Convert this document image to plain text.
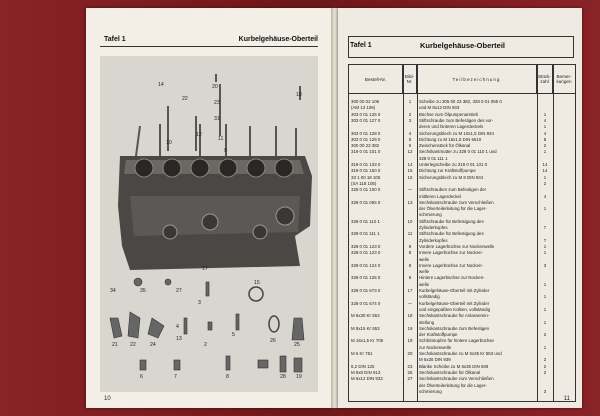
Tafel 1	Kurbelgehäuse-Oberteil
14	20
22
23
31
18
10
12
11
9
34	35
17
15
3
27
4
13
21 22	24	2
5
26
25
6	7	8	28 19
10
Tafel 1	Kurbelgehäuse-Oberteil
Bestell-Nr.	Bild-Nr.	Teilbezeichnung	Stück-zahl
Bemer-kungen
300 00 02 106	1	Scheibe zu 305 00 23 382, 328 0 01 055 0
(AM 13 106)	und M 8x12 DIN 933
303 0 01 125 0	2	Büchse zum Ölpumpenantrieb	1
303 0 01 127 0	3	Stiftschraube zum Befestigen des vor-	4
deren und hinteren Lagerdeckels	1
303 0 01 128 0	4	Sicherungsblech zu M 10x1,5 DIN 934	4
303 0 01 129 0	5	Dichtung zu M 16x1,5 DIN 6610	8
300 00 23 382	6	Zwischenstück für Ölkanal	2
319 0 01 101 0	12	Sechskantmutter zu 328 0 01 110 1 und	1
328 0 01 111 1
319 0 01 133 0	14	Unterlegscheibe zu 319 0 01 131 0	14
319 0 01 150 0	15	Dichtung zur Kraftstoffpumpe	14
33 1 00 18 105	16	Sicherungsblech zu M 8 DIN 934	1
(SA 118 105)	2
326 0 01 100 0	—	Stiftschrauben zum Befestigen der
mittleren Lagerdeckel	4
328 0 01 055 0	13	Sechskantschraube zum Verschließen
der Ölverteilerleitung für die Lager-	1
schmierung
328 0 01 110 1	10	Stiftschraube für Befestigung des
Zylinderkopfes	7
328 0 01 111 1	11	Stiftschraube für Befestigung des
Zylinderkopfes	7
328 0 01 123 0	9	Vordere Lagerbüchse zur Nockenwelle	1
328 0 01 123 0	8	Innere Lagerbüchse zur Nocken-	1
welle
328 0 01 124 0	8	Innere Lagerbüchse zur Nocken-	3
welle
328 0 01 125 0	9	Hintere Lagerbüchse zur Nocken-
welle	1
328 0 01 673 0	17	Kurbelgehäuse-Oberteil mit Zylinder
vollständig	1
328 0 01 674 0	—	Kurbelgehäuse-Oberteil mit Zylinder
und eingepaßten Kolben, vollständig	1
M 6x30 Kr 553	18	Sechskantschraube für Anlasserein-
stellung	1
M 8x15 Kr 553	19	Sechskantschraube zum Befestigen
der Kraftstoffpumpe	2
M 16x1,5 Kr 706	19	Schlitzstopfen für hintere Lagerbüchse
zur Nockenwelle	1
M 6 Kr 751	20	Sechskantschraube zu M 6x35 Kr 553 und
M 6x35 DIN 939	2
6,2 DIN 125	23	Blanke Scheibe zu M 6x35 DIN 939	2
M 8x8 DIN 913	26	Sechskantschraube für Ölkanal	2
M 6x12 DIN 933	27	Sechskantschraube zum Verschließen
der Ölverteilerleitung für die Lager-
schmierung	3
11
